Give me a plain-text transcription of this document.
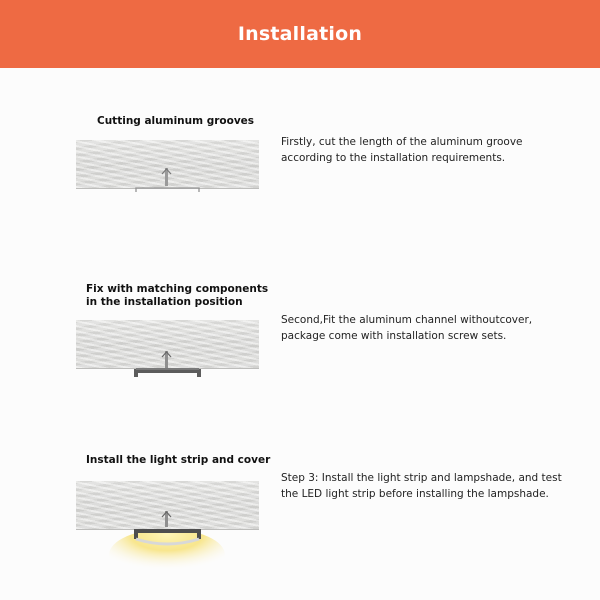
Installation
Cutting aluminum grooves
Firstly, cut the length of the aluminum groove
according to the installation requirements.
Fix with matching components
in the installation position
Second,Fit the aluminum channel withoutcover,
package come with installation screw sets.
Install the light strip and cover
Step 3: Install the light strip and lampshade, and test
the LED light strip before installing the lampshade.
